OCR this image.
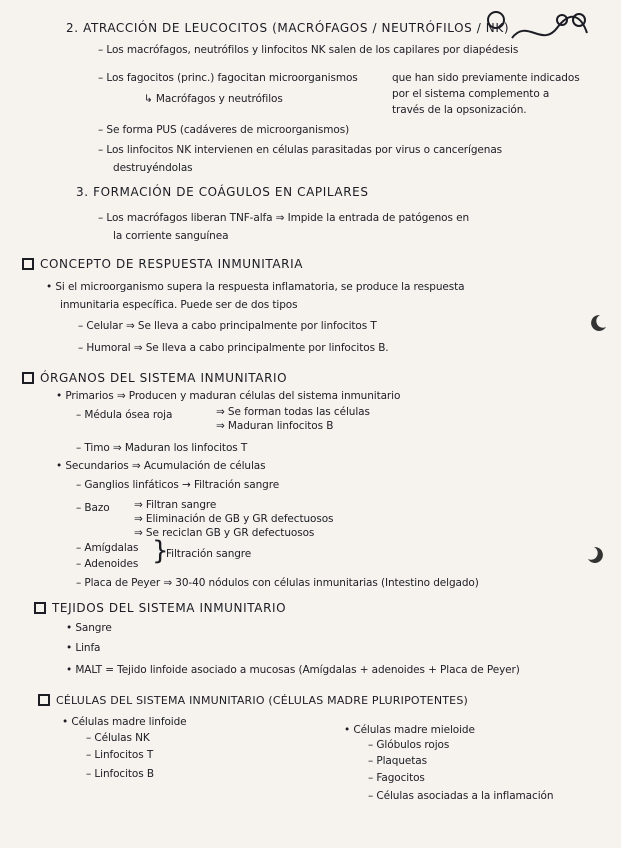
2. ATRACCIÓN DE LEUCOCITOS (MACRÓFAGOS / NEUTRÓFILOS / NK)
– Los macrófagos, neutrófilos y linfocitos NK salen de los capilares por diapédesis
– Los fagocitos (princ.) fagocitan microorganismos
↳ Macrófagos y neutrófilos
que han sido previamente indicados
por el sistema complemento a
través de la opsonización.
– Se forma PUS (cadáveres de microorganismos)
– Los linfocitos NK intervienen en células parasitadas por virus o cancerígenas
destruyéndolas
3. FORMACIÓN DE COÁGULOS EN CAPILARES
– Los macrófagos liberan TNF-alfa ⇒ Impide la entrada de patógenos en
la corriente sanguínea
CONCEPTO DE RESPUESTA INMUNITARIA
• Si el microorganismo supera la respuesta inflamatoria, se produce la respuesta
inmunitaria específica. Puede ser de dos tipos
– Celular ⇒ Se lleva a cabo principalmente por linfocitos T
– Humoral ⇒ Se lleva a cabo principalmente por linfocitos B.
ÓRGANOS DEL SISTEMA INMUNITARIO
• Primarios ⇒ Producen y maduran células del sistema inmunitario
– Médula ósea roja	⇒ Se forman todas las células
⇒ Maduran linfocitos B
– Timo ⇒ Maduran los linfocitos T
• Secundarios ⇒ Acumulación de células
– Ganglios linfáticos → Filtración sangre
– Bazo ⇒ Filtran sangre
⇒ Eliminación de GB y GR defectuosos
⇒ Se reciclan GB y GR defectuosos
– Amígdalas
– Adenoides }
Filtración sangre
– Placa de Peyer ⇒ 30-40 nódulos con células inmunitarias (Intestino delgado)
TEJIDOS DEL SISTEMA INMUNITARIO
• Sangre
• Linfa
• MALT = Tejido linfoide asociado a mucosas (Amígdalas + adenoides + Placa de Peyer)
CÉLULAS DEL SISTEMA INMUNITARIO (CÉLULAS MADRE PLURIPOTENTES)
• Células madre linfoide
– Células NK
– Linfocitos T
– Linfocitos B
• Células madre mieloide
– Glóbulos rojos
– Plaquetas
– Fagocitos
– Células asociadas a la inflamación
